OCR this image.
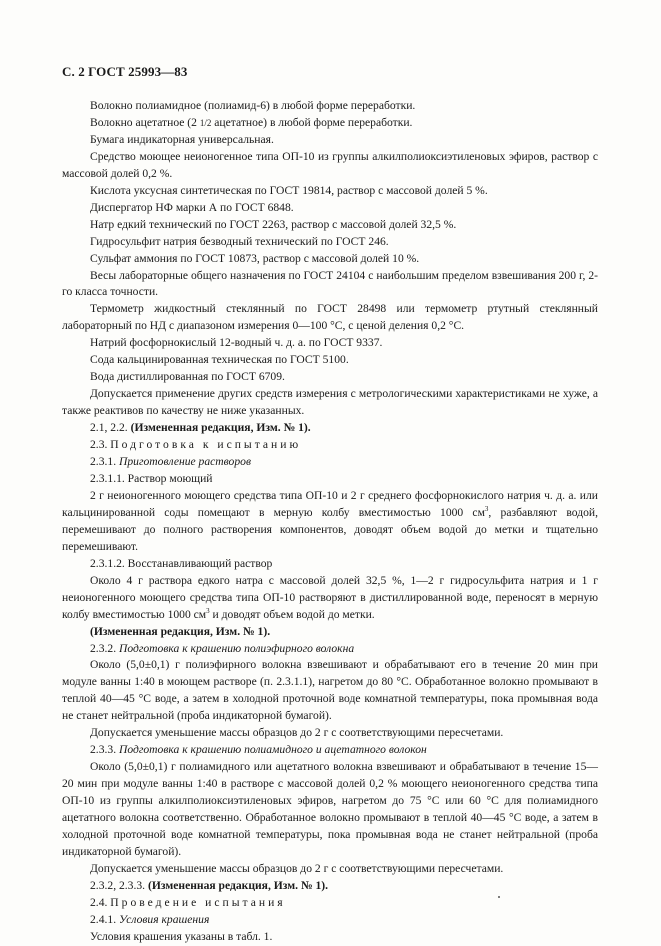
С. 2 ГОСТ 25993—83

Волокно полиамидное (полиамид-6) в любой форме переработки.

Волокно ацетатное (2 1/2 ацетатное) в любой форме переработки.

Бумага индикаторная универсальная.

Средство моющее неионогенное типа ОП-10 из группы алкилполиоксиэтиленовых эфиров, раствор с массовой долей 0,2 %.

Кислота уксусная синтетическая по ГОСТ 19814, раствор с массовой долей 5 %.

Диспергатор НФ марки А по ГОСТ 6848.

Натр едкий технический по ГОСТ 2263, раствор с массовой долей 32,5 %.

Гидросульфит натрия безводный технический по ГОСТ 246.

Сульфат аммония по ГОСТ 10873, раствор с массовой долей 10 %.

Весы лабораторные общего назначения по ГОСТ 24104 с наибольшим пределом взвешивания 200 г, 2-го класса точности.

Термометр жидкостный стеклянный по ГОСТ 28498 или термометр ртутный стеклянный лабораторный по НД с диапазоном измерения 0—100 °С, с ценой деления 0,2 °С.

Натрий фосфорнокислый 12-водный ч. д. а. по ГОСТ 9337.

Сода кальцинированная техническая по ГОСТ 5100.

Вода дистиллированная по ГОСТ 6709.

Допускается применение других средств измерения с метрологическими характеристиками не хуже, а также реактивов по качеству не ниже указанных.

2.1, 2.2. (Измененная редакция, Изм. № 1).

2.3. Подготовка к испытанию

2.3.1. Приготовление растворов

2.3.1.1. Раствор моющий

2 г неионогенного моющего средства типа ОП-10 и 2 г среднего фосфорнокислого натрия ч. д. а. или кальцинированной соды помещают в мерную колбу вместимостью 1000 $см^3$, разбавляют водой, перемешивают до полного растворения компонентов, доводят объем водой до метки и тщательно перемешивают.

2.3.1.2. Восстанавливающий раствор

Около 4 г раствора едкого натра с массовой долей 32,5 %, 1—2 г гидросульфита натрия и 1 г неионогенного моющего средства типа ОП-10 растворяют в дистиллированной воде, переносят в мерную колбу вместимостью 1000 $см^3$ и доводят объем водой до метки.

(Измененная редакция, Изм. № 1).

2.3.2. Подготовка к крашению полиэфирного волокна

Около (5,0±0,1) г полиэфирного волокна взвешивают и обрабатывают его в течение 20 мин при модуле ванны 1:40 в моющем растворе (п. 2.3.1.1), нагретом до 80 °С. Обработанное волокно промывают в теплой 40—45 °С воде, а затем в холодной проточной воде комнатной температуры, пока промывная вода не станет нейтральной (проба индикаторной бумагой).

Допускается уменьшение массы образцов до 2 г с соответствующими пересчетами.

2.3.3. Подготовка к крашению полиамидного и ацетатного волокон

Около (5,0±0,1) г полиамидного или ацетатного волокна взвешивают и обрабатывают в течение 15—20 мин при модуле ванны 1:40 в растворе с массовой долей 0,2 % моющего неионогенного средства типа ОП-10 из группы алкилполиоксиэтиленовых эфиров, нагретом до 75 °С или 60 °С для полиамидного ацетатного волокна соответственно. Обработанное волокно промывают в теплой 40—45 °С воде, а затем в холодной проточной воде комнатной температуры, пока промывная вода не станет нейтральной (проба индикаторной бумагой).

Допускается уменьшение массы образцов до 2 г с соответствующими пересчетами.

2.3.2, 2.3.3. (Измененная редакция, Изм. № 1).

2.4. Проведение испытания

2.4.1. Условия крашения

Условия крашения указаны в табл. 1.
